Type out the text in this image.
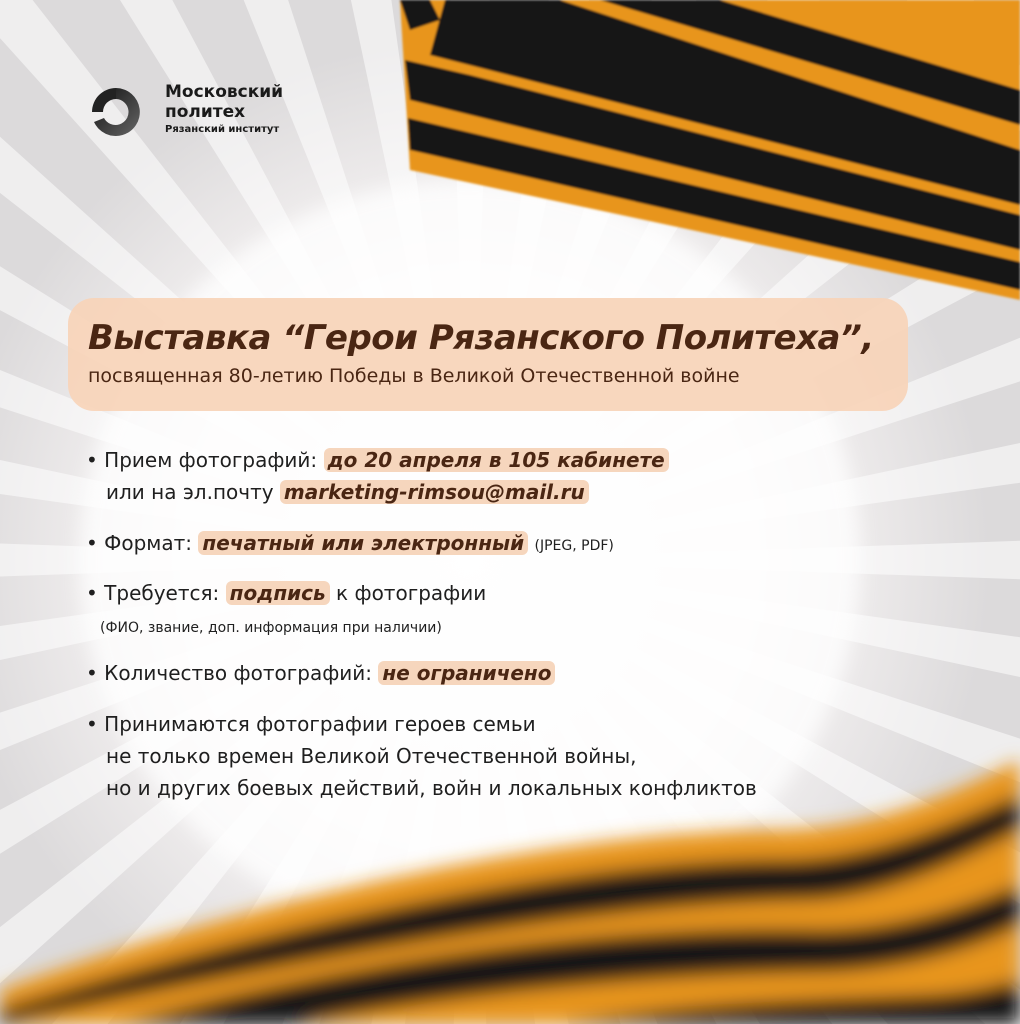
Московский
политех
Рязанский институт
Выставка “Герои Рязанского Политеха”,
посвященная 80-летию Победы в Великой Отечественной войне
• Прием фотографий: до 20 апреля в 105 кабинете
или на эл.почту marketing-rimsou@mail.ru
• Формат: печатный или электронный (JPEG, PDF)
• Требуется: подпись к фотографии
(ФИО, звание, доп. информация при наличии)
• Количество фотографий: не ограничено
• Принимаются фотографии героев семьи
не только времен Великой Отечественной войны,
но и других боевых действий, войн и локальных конфликтов
